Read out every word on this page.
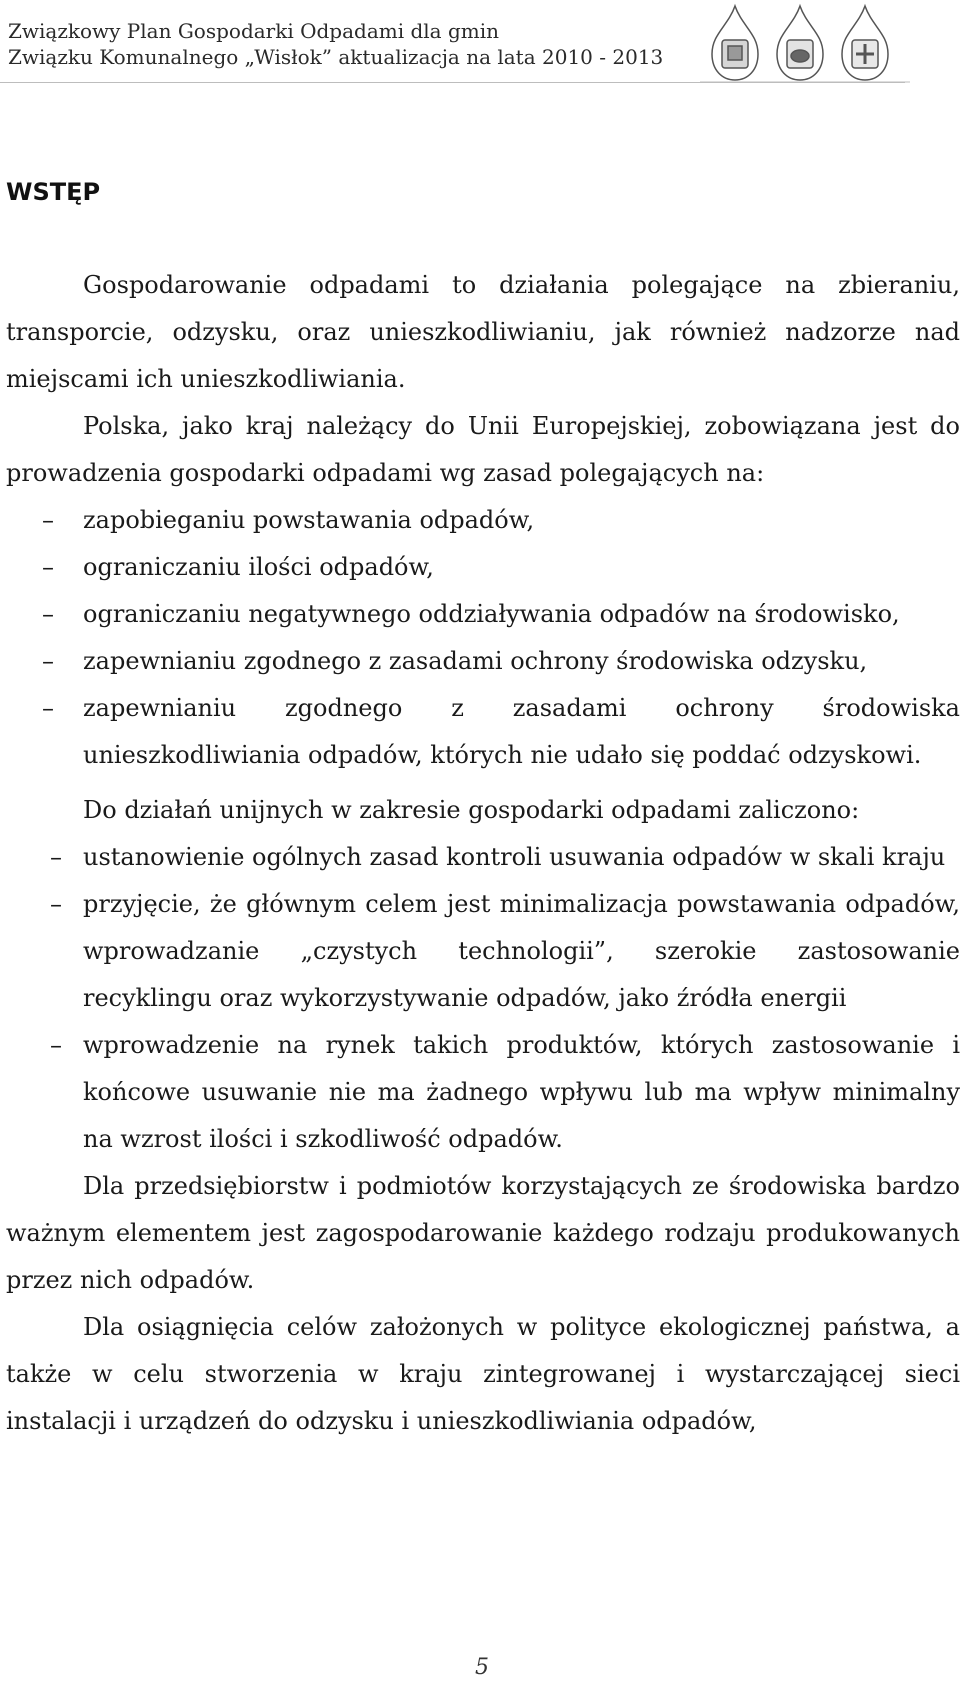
Związkowy Plan Gospodarki Odpadami dla gmin
Związku Komunalnego „Wisłok” aktualizacja na lata 2010 - 2013
WSTĘP

Gospodarowanie odpadami to działania polegające na zbieraniu, transporcie, odzysku, oraz unieszkodliwianiu, jak również nadzorze nad miejscami ich unieszkodliwiania.

Polska, jako kraj należący do Unii Europejskiej, zobowiązana jest do prowadzenia gospodarki odpadami wg zasad polegających na:

– zapobieganiu powstawania odpadów,
– ograniczaniu ilości odpadów,
– ograniczaniu negatywnego oddziaływania odpadów na środowisko,
– zapewnianiu zgodnego z zasadami ochrony środowiska odzysku,
– zapewnianiu zgodnego z zasadami ochrony środowiska unieszkodliwiania odpadów, których nie udało się poddać odzyskowi.

Do działań unijnych w zakresie gospodarki odpadami zaliczono:

– ustanowienie ogólnych zasad kontroli usuwania odpadów w skali kraju
– przyjęcie, że głównym celem jest minimalizacja powstawania odpadów, wprowadzanie „czystych technologii”, szerokie zastosowanie recyklingu oraz wykorzystywanie odpadów, jako źródła energii
– wprowadzenie na rynek takich produktów, których zastosowanie i końcowe usuwanie nie ma żadnego wpływu lub ma wpływ minimalny na wzrost ilości i szkodliwość odpadów.

Dla przedsiębiorstw i podmiotów korzystających ze środowiska bardzo ważnym elementem jest zagospodarowanie każdego rodzaju produkowanych przez nich odpadów.

Dla osiągnięcia celów założonych w polityce ekologicznej państwa, a także w celu stworzenia w kraju zintegrowanej i wystarczającej sieci instalacji i urządzeń do odzysku i unieszkodliwiania odpadów,

5
